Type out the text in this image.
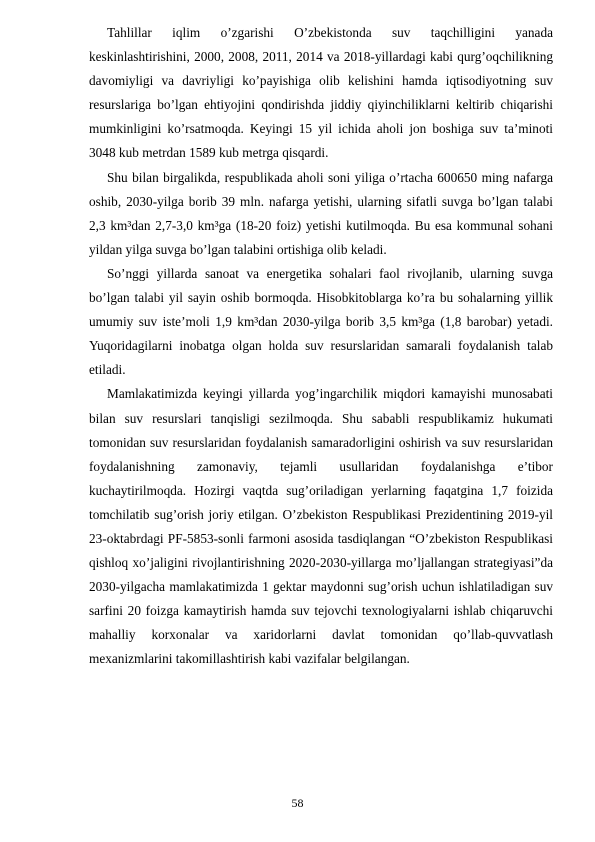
Tahlillar iqlim o’zgarishi O’zbekistonda suv taqchilligini yanada keskinlashtirishini, 2000, 2008, 2011, 2014 va 2018-yillardagi kabi qurg’oqchilikning davomiyligi va davriyligi ko’payishiga olib kelishini hamda iqtisodiyotning suv resurslariga bo’lgan ehtiyojini qondirishda jiddiy qiyinchiliklarni keltirib chiqarishi mumkinligini ko’rsatmoqda. Keyingi 15 yil ichida aholi jon boshiga suv ta’minoti 3048 kub metrdan 1589 kub metrga qisqardi.

Shu bilan birgalikda, respublikada aholi soni yiliga o’rtacha 600650 ming nafarga oshib, 2030-yilga borib 39 mln. nafarga yetishi, ularning sifatli suvga bo’lgan talabi 2,3 km³dan 2,7-3,0 km³ga (18-20 foiz) yetishi kutilmoqda. Bu esa kommunal sohani yildan yilga suvga bo’lgan talabini ortishiga olib keladi.

So’nggi yillarda sanoat va energetika sohalari faol rivojlanib, ularning suvga bo’lgan talabi yil sayin oshib bormoqda. Hisobkitoblarga ko’ra bu sohalarning yillik umumiy suv iste’moli 1,9 km³dan 2030-yilga borib 3,5 km³ga (1,8 barobar) yetadi. Yuqoridagilarni inobatga olgan holda suv resurslaridan samarali foydalanish talab etiladi.

Mamlakatimizda keyingi yillarda yog’ingarchilik miqdori kamayishi munosabati bilan suv resurslari tanqisligi sezilmoqda. Shu sababli respublikamiz hukumati tomonidan suv resurslaridan foydalanish samaradorligini oshirish va suv resurslaridan foydalanishning zamonaviy, tejamli usullaridan foydalanishga e’tibor kuchaytirilmoqda. Hozirgi vaqtda sug’oriladigan yerlarning faqatgina 1,7 foizida tomchilatib sug’orish joriy etilgan. O’zbekiston Respublikasi Prezidentining 2019-yil 23-oktabrdagi PF-5853-sonli farmoni asosida tasdiqlangan “O’zbekiston Respublikasi qishloq xo’jaligini rivojlantirishning 2020-2030-yillarga mo’ljallangan strategiyasi”da 2030-yilgacha mamlakatimizda 1 gektar maydonni sug’orish uchun ishlatiladigan suv sarfini 20 foizga kamaytirish hamda suv tejovchi texnologiyalarni ishlab chiqaruvchi mahalliy korxonalar va xaridorlarni davlat tomonidan qo’llab-quvvatlash mexanizmlarini takomillashtirish kabi vazifalar belgilangan.

58
